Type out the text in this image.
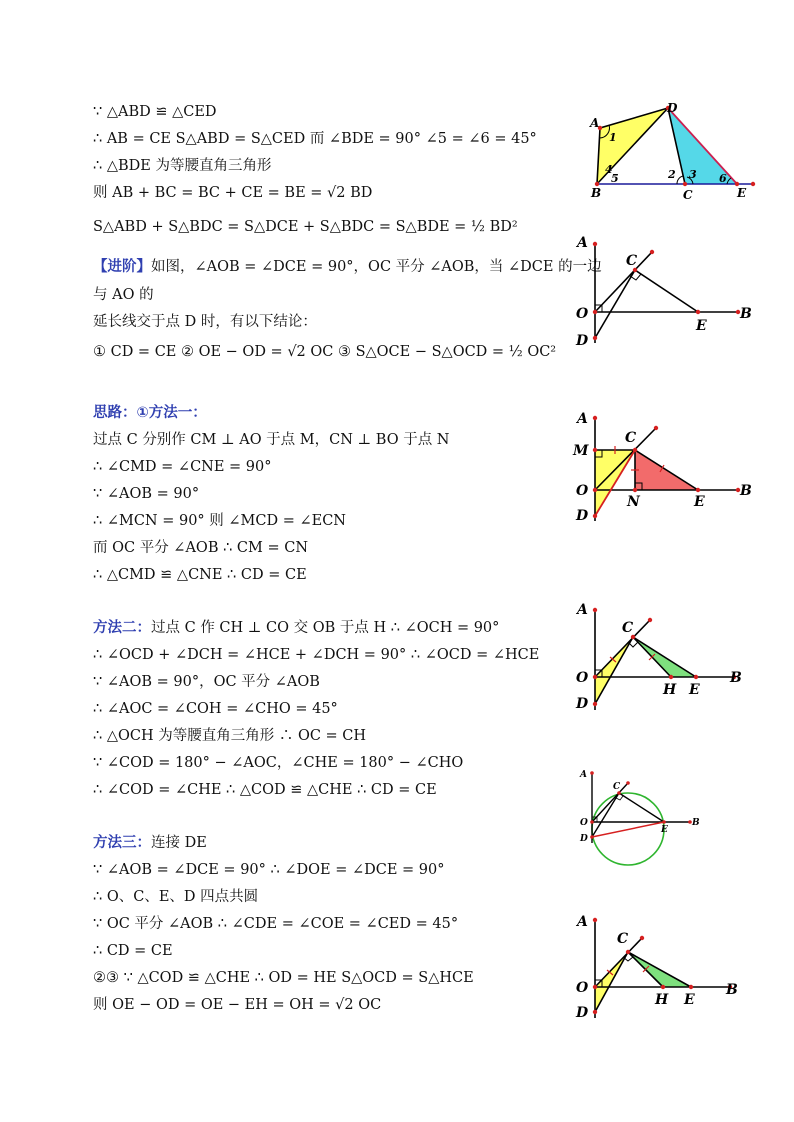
∵ △ABD ≌ △CED
∴ AB = CE S△ABD = S△CED 而 ∠BDE = 90° ∠5 = ∠6 = 45°
∴ △BDE 为等腰直角三角形
则 AB + BC = BC + CE = BE = √2 BD
S△ABD + S△BDC = S△DCE + S△BDC = S△BDE = ½ BD²
【进阶】如图，∠AOB = ∠DCE = 90°，OC 平分 ∠AOB，当 ∠DCE 的一边
与 AO 的
延长线交于点 D 时，有以下结论：
① CD = CE ② OE − OD = √2 OC ③ S△OCE − S△OCD = ½ OC²
思路：①方法一：
过点 C 分别作 CM ⊥ AO 于点 M，CN ⊥ BO 于点 N
∴ ∠CMD = ∠CNE = 90°
∵ ∠AOB = 90°
∴ ∠MCN = 90° 则 ∠MCD = ∠ECN
而 OC 平分 ∠AOB ∴ CM = CN
∴ △CMD ≌ △CNE ∴ CD = CE
方法二：过点 C 作 CH ⊥ CO 交 OB 于点 H ∴ ∠OCH = 90°
∴ ∠OCD + ∠DCH = ∠HCE + ∠DCH = 90° ∴ ∠OCD = ∠HCE
∵ ∠AOB = 90°，OC 平分 ∠AOB
∴ ∠AOC = ∠COH = ∠CHO = 45°
∴ △OCH 为等腰直角三角形 ∴ OC = CH
∵ ∠COD = 180° − ∠AOC，∠CHE = 180° − ∠CHO
∴ ∠COD = ∠CHE ∴ △COD ≌ △CHE ∴ CD = CE
方法三：连接 DE
∵ ∠AOB = ∠DCE = 90° ∴ ∠DOE = ∠DCE = 90°
∴ O、C、E、D 四点共圆
∵ OC 平分 ∠AOB ∴ ∠CDE = ∠COE = ∠CED = 45°
∴ CD = CE
②③ ∵ △COD ≌ △CHE ∴ OD = HE S△OCD = S△HCE
则 OE − OD = OE − EH = OH = √2 OC
A
D
1
4
5	2 3 6
B	C	E
A
C
O	B
E
D
A
M
C
O
N	E
B
D
A
C
O
H E
B
D
A
C
O
E
B
D
A
C
O
H E
B
D
